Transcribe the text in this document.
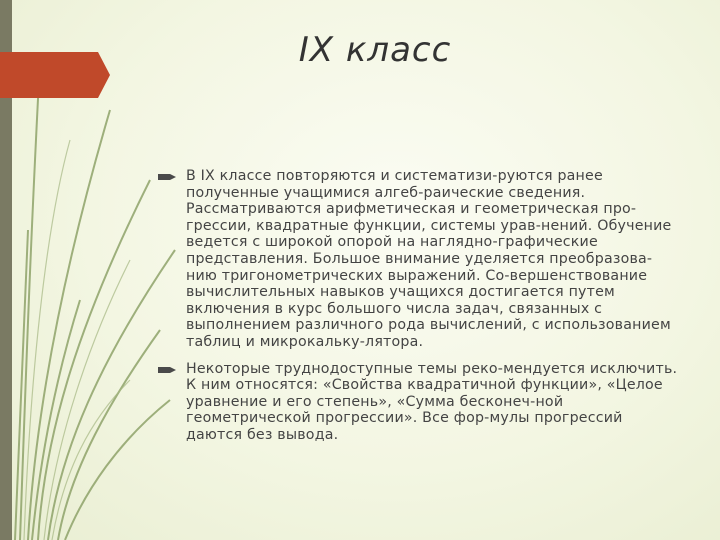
IX класс
В IX классе повторяются и систематизи-руются ранее полученные учащимися алгеб-раические сведения. Рассматриваются арифметическая и геометрическая про-грессии, квадратные функции, системы урав-нений. Обучение ведется с широкой опорой на наглядно-графические представления. Большое внимание уделяется преобразова-нию тригонометрических выражений. Со-вершенствование вычислительных навыков учащихся достигается путем включения в курс большого числа задач, связанных с выполнением различного рода вычислений, с использованием таблиц и микрокальку-лятора.
Некоторые труднодоступные темы реко-мендуется исключить. К ним относятся: «Свойства квадратичной функции», «Целое уравнение и его степень», «Сумма бесконеч-ной геометрической прогрессии». Все фор-мулы прогрессий даются без вывода.
